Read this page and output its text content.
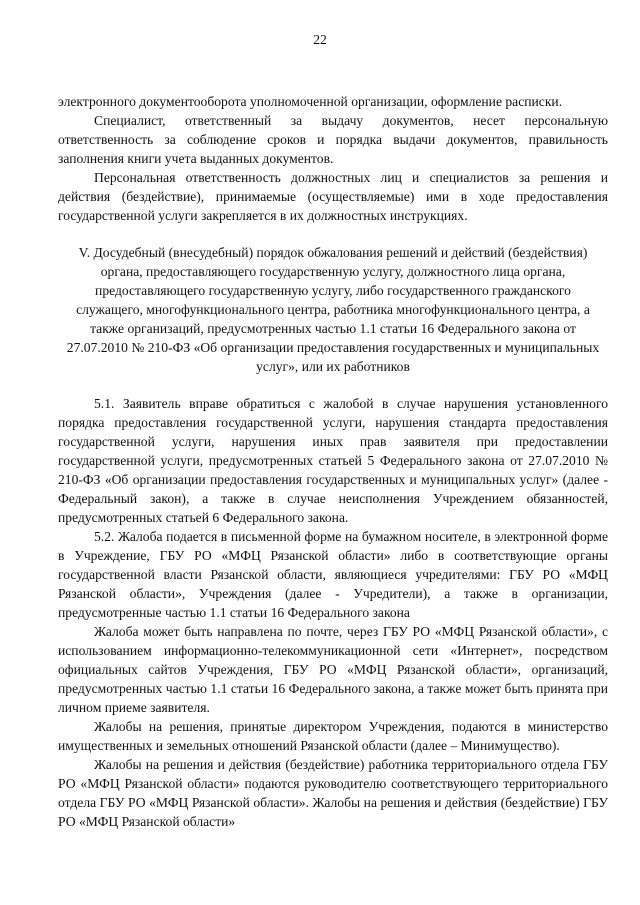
22

электронного документооборота уполномоченной организации, оформление расписки.

Специалист, ответственный за выдачу документов, несет персональную ответственность за соблюдение сроков и порядка выдачи документов, правильность заполнения книги учета выданных документов.

Персональная ответственность должностных лиц и специалистов за решения и действия (бездействие), принимаемые (осуществляемые) ими в ходе предоставления государственной услуги закрепляется в их должностных инструкциях.

V. Досудебный (внесудебный) порядок обжалования решений и действий (бездействия) органа, предоставляющего государственную услугу, должностного лица органа, предоставляющего государственную услугу, либо государственного гражданского служащего, многофункционального центра, работника многофункционального центра, а также организаций, предусмотренных частью 1.1 статьи 16 Федерального закона от 27.07.2010 № 210-ФЗ «Об организации предоставления государственных и муниципальных услуг», или их работников

5.1. Заявитель вправе обратиться с жалобой в случае нарушения установленного порядка предоставления государственной услуги, нарушения стандарта предоставления государственной услуги, нарушения иных прав заявителя при предоставлении государственной услуги, предусмотренных статьей 5 Федерального закона от 27.07.2010 № 210-ФЗ «Об организации предоставления государственных и муниципальных услуг» (далее - Федеральный закон), а также в случае неисполнения Учреждением обязанностей, предусмотренных статьей 6 Федерального закона.

5.2. Жалоба подается в письменной форме на бумажном носителе, в электронной форме в Учреждение, ГБУ РО «МФЦ Рязанской области» либо в соответствующие органы государственной власти Рязанской области, являющиеся учредителями: ГБУ РО «МФЦ Рязанской области», Учреждения (далее - Учредители), а также в организации, предусмотренные частью 1.1 статьи 16 Федерального закона

Жалоба может быть направлена по почте, через ГБУ РО «МФЦ Рязанской области», с использованием информационно-телекоммуникационной сети «Интернет», посредством официальных сайтов Учреждения, ГБУ РО «МФЦ Рязанской области», организаций, предусмотренных частью 1.1 статьи 16 Федерального закона, а также может быть принята при личном приеме заявителя.

Жалобы на решения, принятые директором Учреждения, подаются в министерство имущественных и земельных отношений Рязанской области (далее – Минимущество).

Жалобы на решения и действия (бездействие) работника территориального отдела ГБУ РО «МФЦ Рязанской области» подаются руководителю соответствующего территориального отдела ГБУ РО «МФЦ Рязанской области». Жалобы на решения и действия (бездействие) ГБУ РО «МФЦ Рязанской области»
